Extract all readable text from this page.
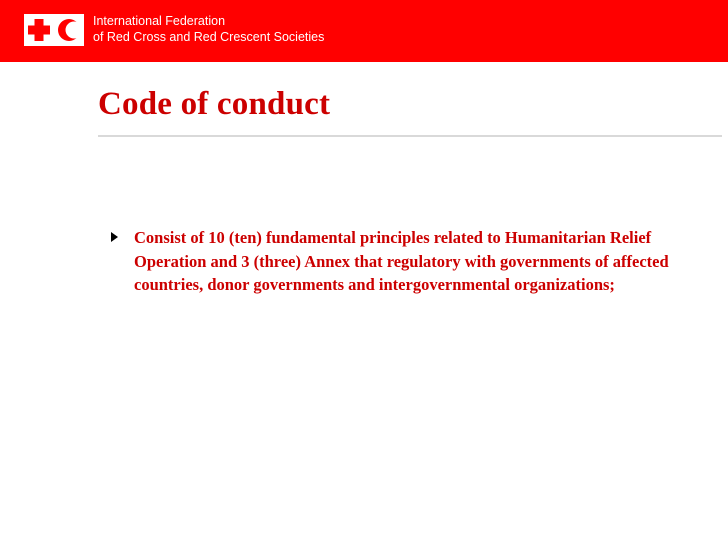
International Federation
of Red Cross and Red Crescent Societies
Code of conduct
Consist of 10 (ten) fundamental principles related to Humanitarian Relief Operation and 3 (three) Annex that regulatory with governments of affected countries, donor governments and intergovernmental organizations;
